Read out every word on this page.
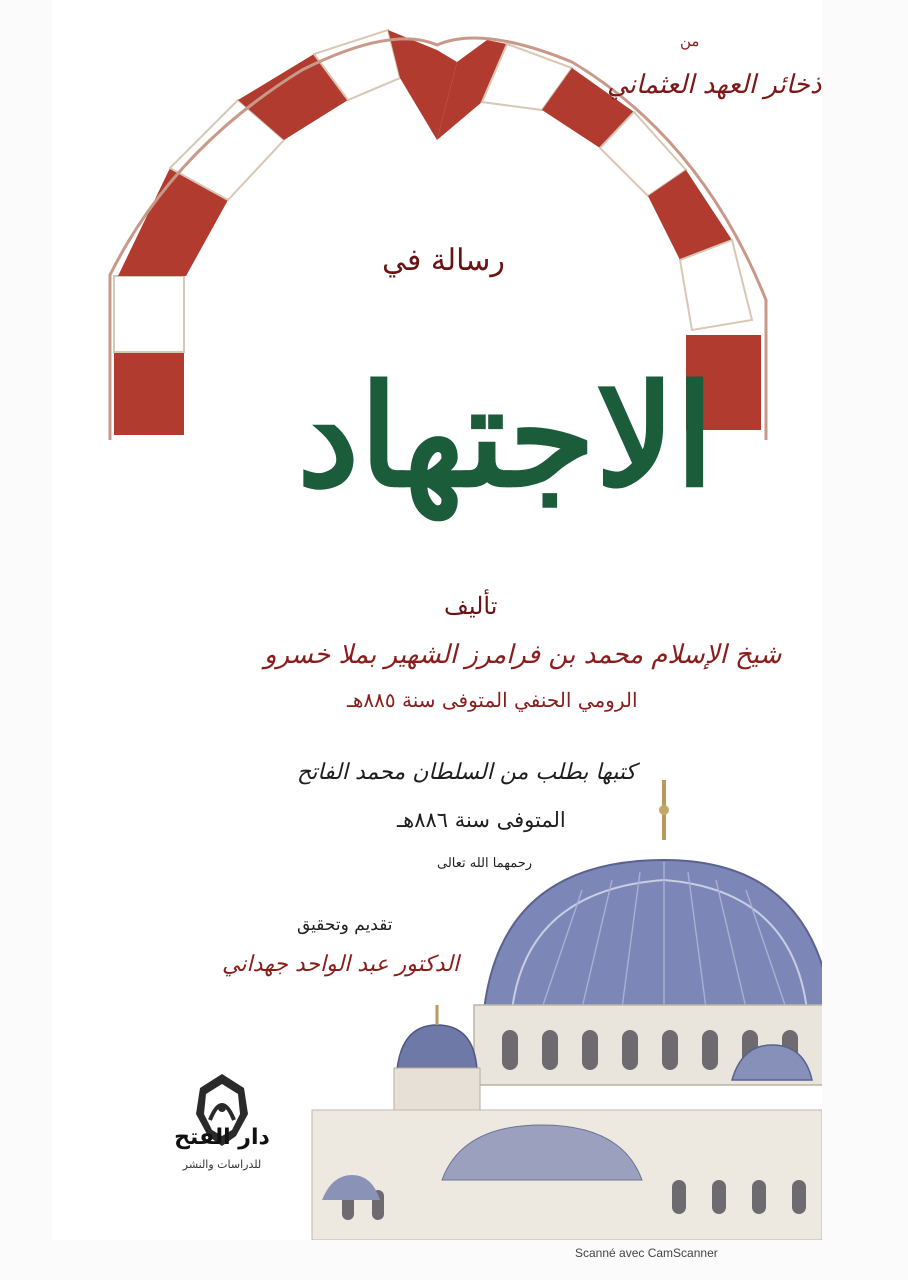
من
ذخائر العهد العثماني
رسالة في
الاجتهاد
تأليف
شيخ الإسلام محمد بن فرامرز الشهير بملا خسرو
الرومي الحنفي المتوفى سنة ٨٨٥هـ
كتبها بطلب من السلطان محمد الفاتح
المتوفى سنة ٨٨٦هـ
رحمهما الله تعالى
تقديم وتحقيق
الدكتور عبد الواحد جهداني
دار الفتح
للدراسات والنشر
Scanné avec CamScanner
